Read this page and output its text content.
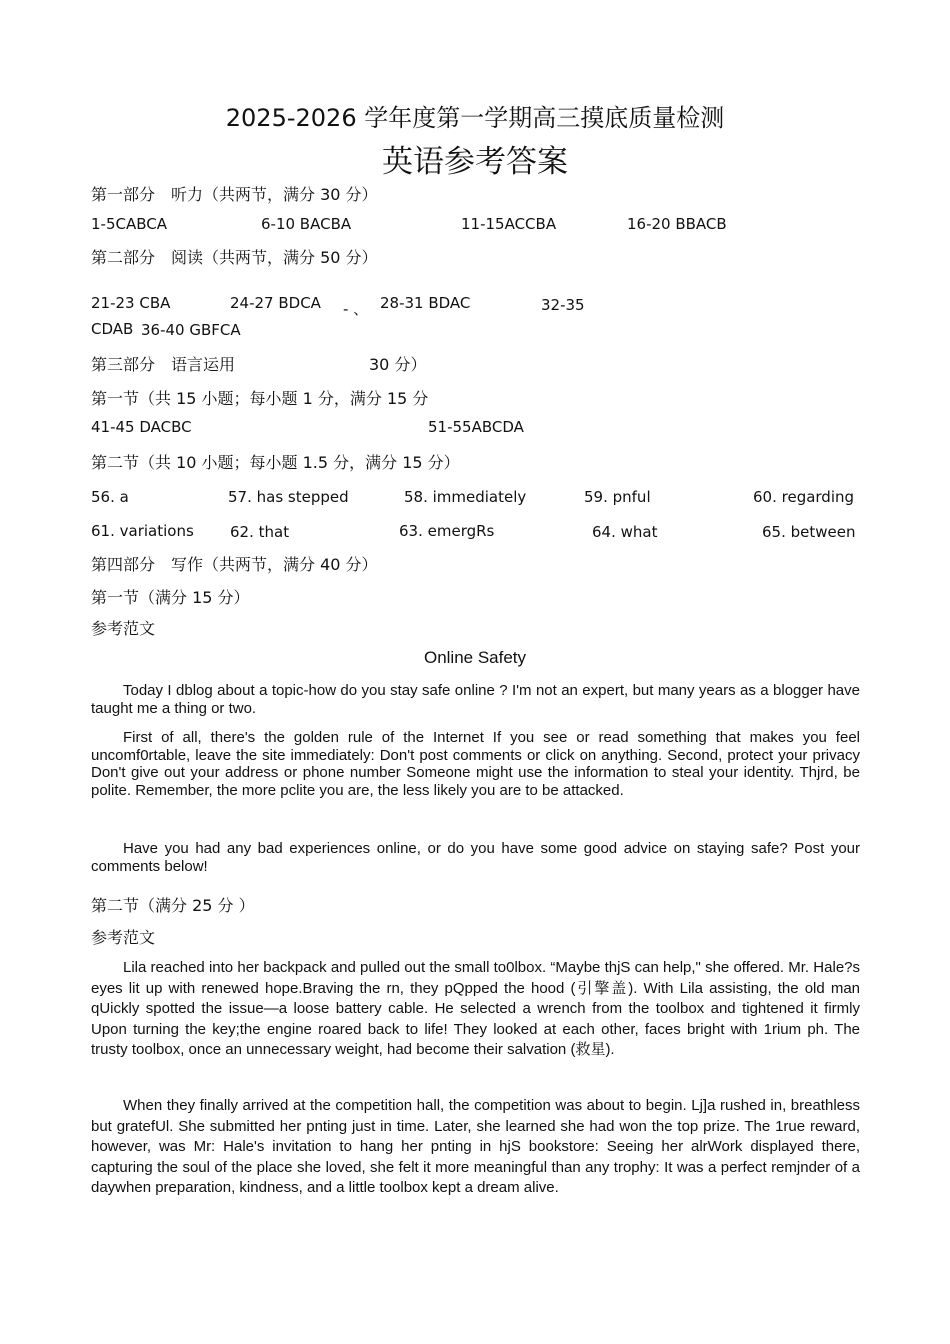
2025-2026 学年度第一学期高三摸底质量检测
英语参考答案
第一部分　听力（共两节，满分 30 分）
1-5CABCA	6-10 BACBA	11-15ACCBA	16-20 BBACB
第二部分　阅读（共两节，满分 50 分）
21-23 CBA	24-27 BDCA - 、 28-31 BDAC	32-35
CDAB 36-40 GBFCA
第三部分　语言运用	30 分）
第一节（共 15 小题；每小题 1 分，满分 15 分
41-45 DACBC	51-55ABCDA
第二节（共 10 小题；每小题 1.5 分，满分 15 分）
56. a	57. has stepped	58. immediately	59. pnful	60. regarding
61. variations 62. that	63. emergRs	64. what	65. between
第四部分　写作（共两节，满分 40 分）
第一节（满分 15 分）
参考范文
Online Safety
Today I dblog about a topic-how do you stay safe online ? I'm not an expert, but many years as a blogger have taught me a thing or two.
First of all, there's the golden rule of the Internet If you see or read something that makes you feel uncomf0rtable, leave the site immediately: Don't post comments or click on anything. Second, protect your privacy Don't give out your address or phone number Someone might use the information to steal your identity. Thjrd, be polite. Remember, the more pclite you are, the less likely you are to be attacked.
Have you had any bad experiences online, or do you have some good advice on staying safe? Post your comments below!
第二节（满分 25 分 ）
参考范文
Lila reached into her backpack and pulled out the small to0lbox. “Maybe thjS can help," she offered. Mr. Hale?s eyes lit up with renewed hope.Braving the rn, they pQpped the hood (引擎盖). With Lila assisting, the old man qUickly spotted the issue—a loose battery cable. He selected a wrench from the toolbox and tightened it firmly Upon turning the key;the engine roared back to life! They looked at each other, faces bright with 1rium ph. The trusty toolbox, once an unnecessary weight, had become their salvation (救星).
When they finally arrived at the competition hall, the competition was about to begin. Lj]a rushed in, breathless but gratefUl. She submitted her pnting just in time. Later, she learned she had won the top prize. The 1rue reward, however, was Mr: Hale's invitation to hang her pnting in hjS bookstore: Seeing her alrWork displayed there, capturing the soul of the place she loved, she felt it more meaningful than any trophy: It was a perfect remjnder of a daywhen preparation, kindness, and a little toolbox kept a dream alive.
